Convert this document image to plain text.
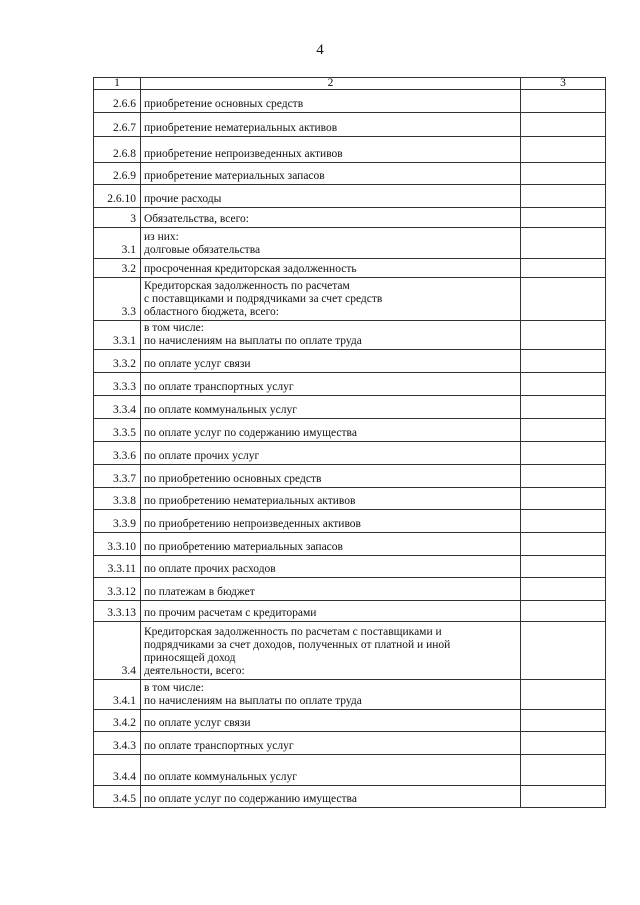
4
1	2	3
2.6.6	приобретение основных средств	
2.6.7	приобретение нематериальных активов	
2.6.8	приобретение непроизведенных активов	
2.6.9	приобретение материальных запасов	
2.6.10	прочие расходы	
3	Обязательства, всего:	
3.1	из них:
долговые обязательства	
3.2	просроченная кредиторская задолженность	
3.3	Кредиторская задолженность по расчетам
с поставщиками и подрядчиками за счет средств
областного бюджета, всего:	
3.3.1	в том числе:
по начислениям на выплаты по оплате труда	
3.3.2	по оплате услуг связи	
3.3.3	по оплате транспортных услуг	
3.3.4	по оплате коммунальных услуг	
3.3.5	по оплате услуг по содержанию имущества	
3.3.6	по оплате прочих услуг	
3.3.7	по приобретению основных средств	
3.3.8	по приобретению нематериальных активов	
3.3.9	по приобретению непроизведенных активов	
3.3.10	по приобретению материальных запасов	
3.3.11	по оплате прочих расходов	
3.3.12	по платежам в бюджет	
3.3.13	по прочим расчетам с кредиторами	
3.4	Кредиторская задолженность по расчетам с поставщиками и
подрядчиками за счет доходов, полученных от платной и иной
приносящей доход
деятельности, всего:	
3.4.1	в том числе:
по начислениям на выплаты по оплате труда	
3.4.2	по оплате услуг связи	
3.4.3	по оплате транспортных услуг	
3.4.4	по оплате коммунальных услуг	
3.4.5	по оплате услуг по содержанию имущества	
